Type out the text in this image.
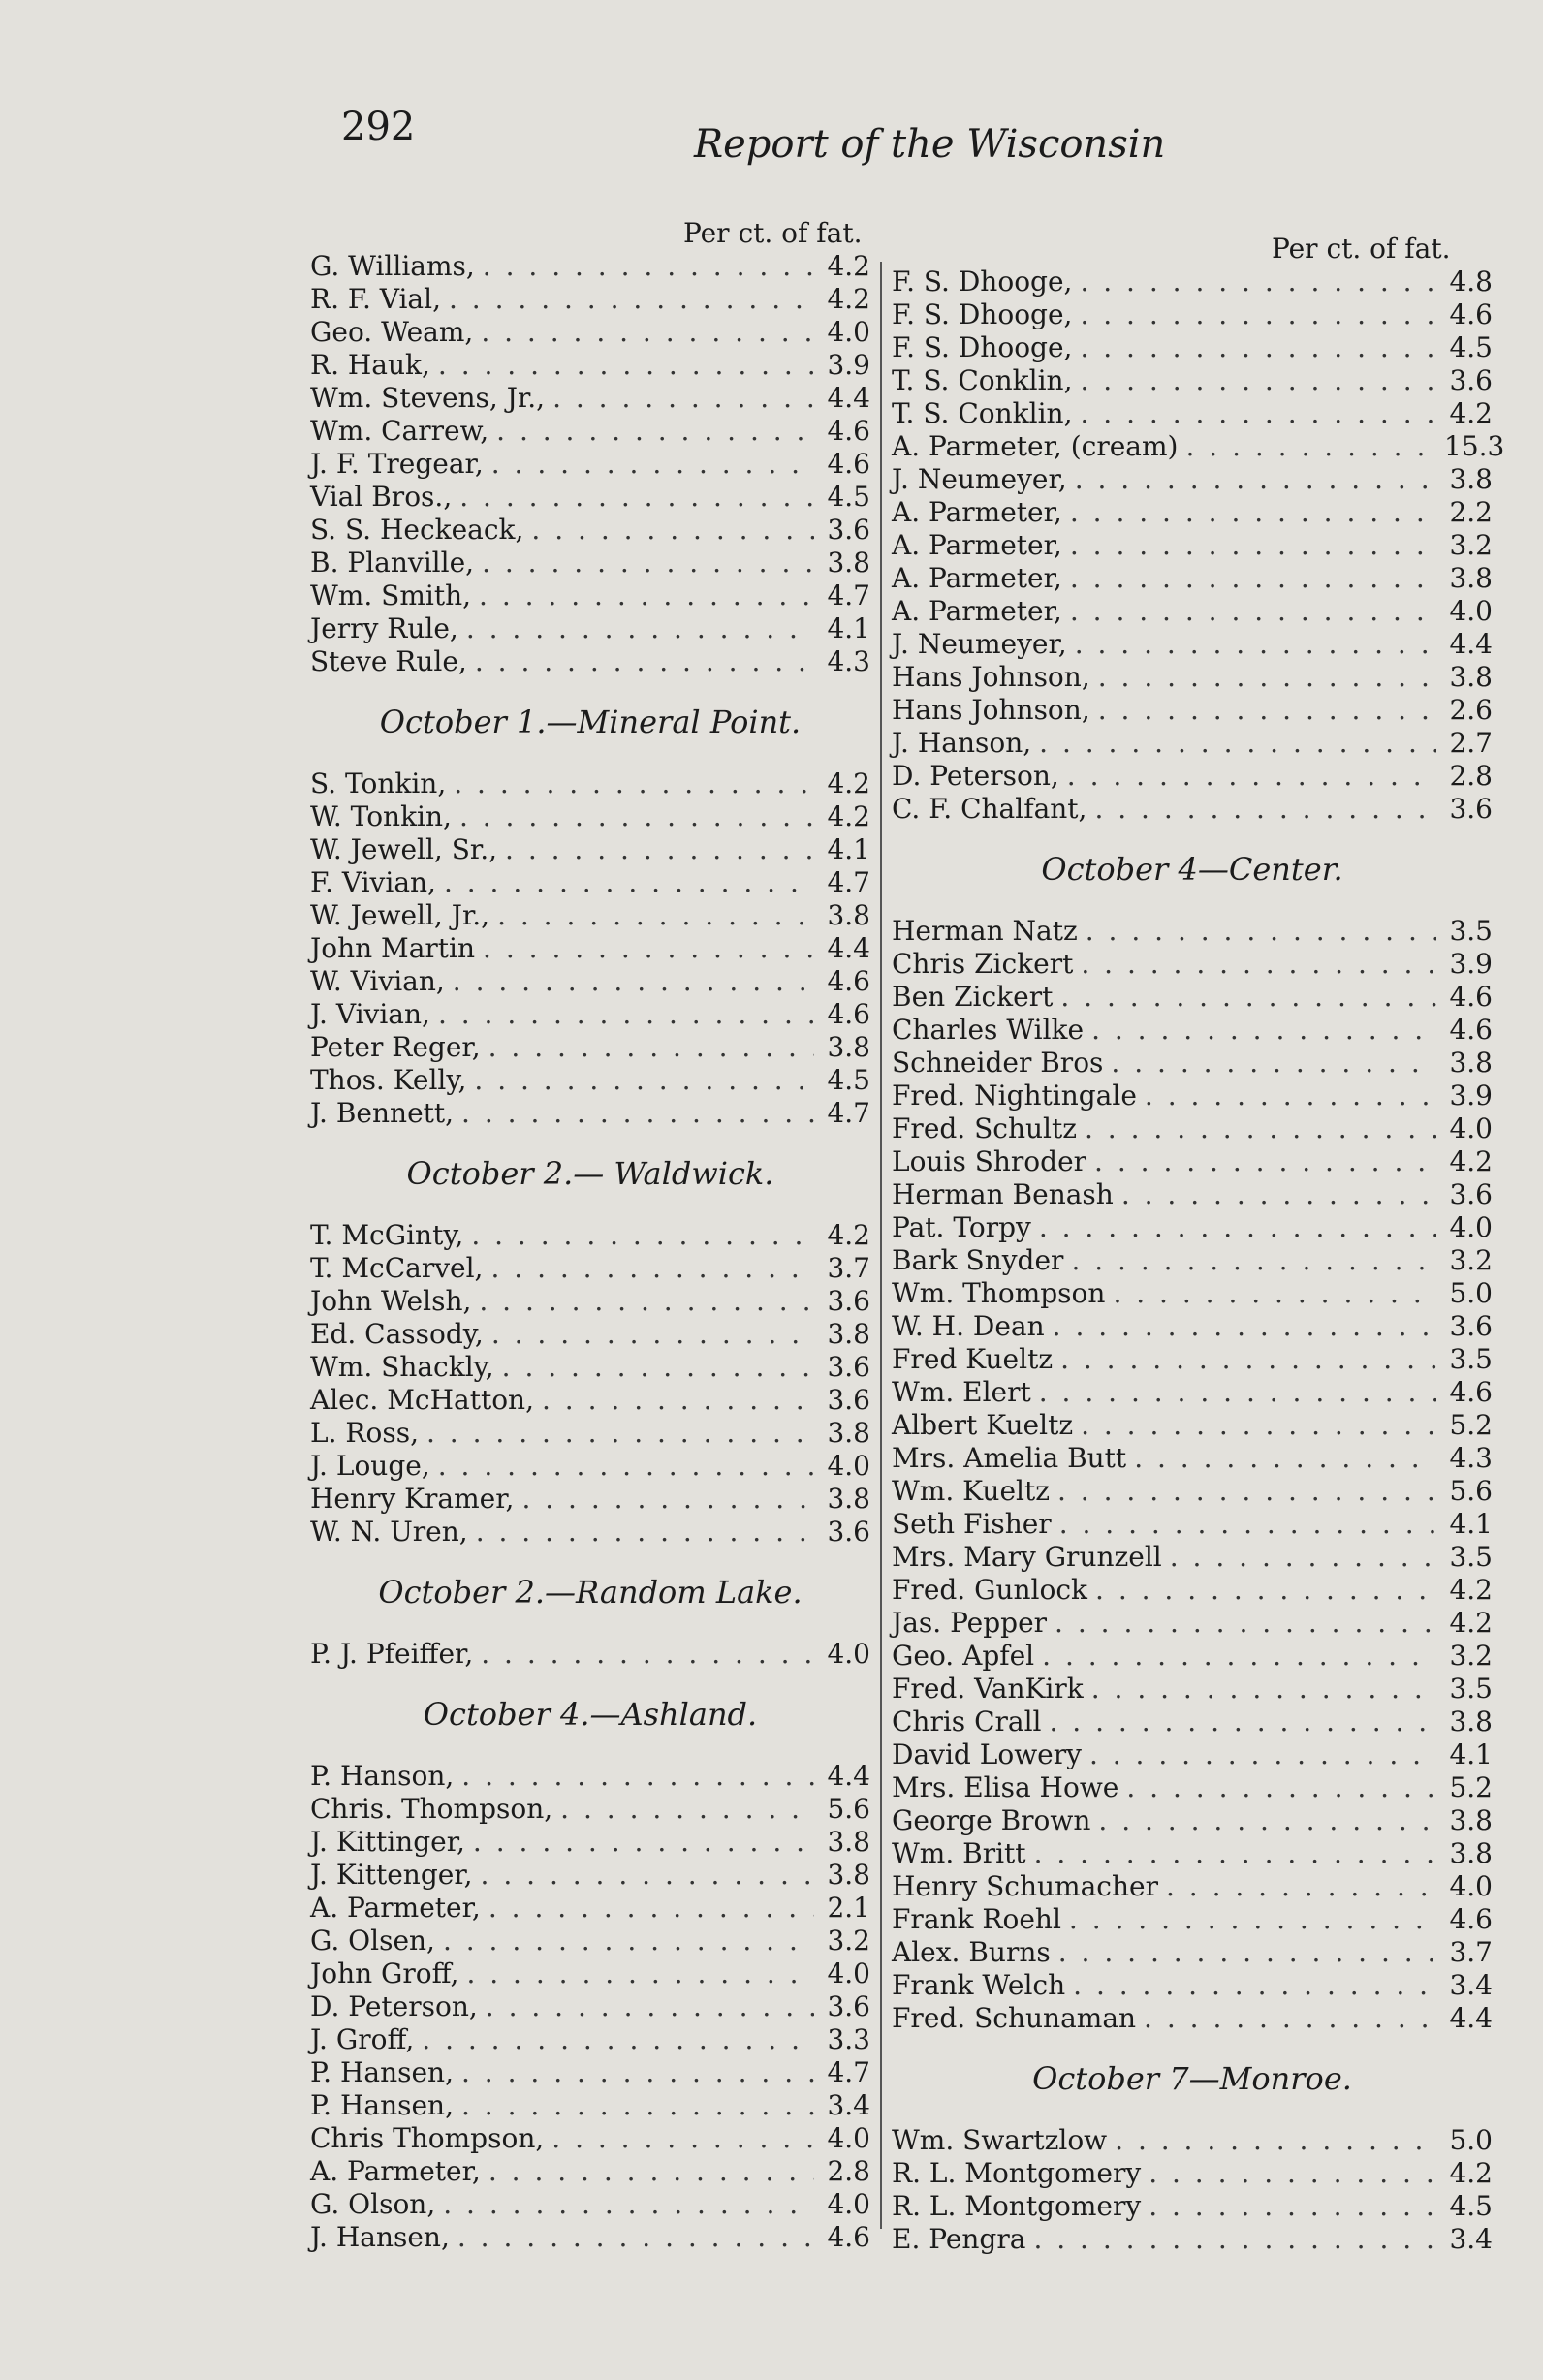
292	Report of the Wisconsin
Per ct. of fat.	Per ct. of fat.
G. Williams, . . .	4.2
R. F. Vial, . . .	4.2
Geo. Weam, . . .	4.0
R. Hauk, . . .	3.9
Wm. Stevens, Jr., . . .	4.4
Wm. Carrew, . . .	4.6
J. F. Tregear, . . .	4.6
Vial Bros., . . .	4.5
S. S. Heckeack, . . .	3.6
B. Planville, . . .	3.8
Wm. Smith, . . .	4.7
Jerry Rule, . . .	4.1
Steve Rule, . . .	4.3
October 1.—Mineral Point.
S. Tonkin, . . .	4.2
W. Tonkin, . . .	4.2
W. Jewell, Sr., . . .	4.1
F. Vivian, . . .	4.7
W. Jewell, Jr., . . .	3.8
John Martin . . .	4.4
W. Vivian, . . .	4.6
J. Vivian, . . .	4.6
Peter Reger, . . .	3.8
Thos. Kelly, . . .	4.5
J. Bennett, . . .	4.7
October 2.— Waldwick.
T. McGinty, . . .	4.2
T. McCarvel, . . .	3.7
John Welsh, . . .	3.6
Ed. Cassody, . . .	3.8
Wm. Shackly, . . .	3.6
Alec. McHatton, . . .	3.6
L. Ross, . . .	3.8
J. Louge, . . .	4.0
Henry Kramer, . . .	3.8
W. N. Uren, . . .	3.6
October 2.—Random Lake.
P. J. Pfeiffer, . . .	4.0
October 4.—Ashland.
P. Hanson, . . .	4.4
Chris. Thompson, . . .	5.6
J. Kittinger, . . .	3.8
J. Kittenger, . . .	3.8
A. Parmeter, . . .	2.1
G. Olsen, . . .	3.2
John Groff, . . .	4.0
D. Peterson, . . .	3.6
J. Groff, . . .	3.3
P. Hansen, . . .	4.7
P. Hansen, . . .	3.4
Chris Thompson, . . .	4.0
A. Parmeter, . . .	2.8
G. Olson, . . .	4.0
J. Hansen, . . .	4.6
F. S. Dhooge, . . .	4.8
F. S. Dhooge, . . .	4.6
F. S. Dhooge, . . .	4.5
T. S. Conklin, . . .	3.6
T. S. Conklin, . . .	4.2
A. Parmeter, (cream) . . .	15.3
J. Neumeyer, . . .	3.8
A. Parmeter, . . .	2.2
A. Parmeter, . . .	3.2
A. Parmeter, . . .	3.8
A. Parmeter, . . .	4.0
J. Neumeyer, . . .	4.4
Hans Johnson, . . .	3.8
Hans Johnson, . . .	2.6
J. Hanson, . . .	2.7
D. Peterson, . . .	2.8
C. F. Chalfant, . . .	3.6
October 4—Center.
Herman Natz . . .	3.5
Chris Zickert . . .	3.9
Ben Zickert . . .	4.6
Charles Wilke . . .	4.6
Schneider Bros . . .	3.8
Fred. Nightingale . . .	3.9
Fred. Schultz . . .	4.0
Louis Shroder . . .	4.2
Herman Benash . . .	3.6
Pat. Torpy . . .	4.0
Bark Snyder . . .	3.2
Wm. Thompson . . .	5.0
W. H. Dean . . .	3.6
Fred Kueltz . . .	3.5
Wm. Elert . . .	4.6
Albert Kueltz . . .	5.2
Mrs. Amelia Butt . . .	4.3
Wm. Kueltz . . .	5.6
Seth Fisher . . .	4.1
Mrs. Mary Grunzell . . .	3.5
Fred. Gunlock . . .	4.2
Jas. Pepper . . .	4.2
Geo. Apfel . . .	3.2
Fred. VanKirk . . .	3.5
Chris Crall . . .	3.8
David Lowery . . .	4.1
Mrs. Elisa Howe . . .	5.2
George Brown . . .	3.8
Wm. Britt . . .	3.8
Henry Schumacher . . .	4.0
Frank Roehl . . .	4.6
Alex. Burns . . .	3.7
Frank Welch . . .	3.4
Fred. Schunaman . . .	4.4
October 7—Monroe.
Wm. Swartzlow . . .	5.0
R. L. Montgomery . . .	4.2
R. L. Montgomery . . .	4.5
E. Pengra . . .	3.4
